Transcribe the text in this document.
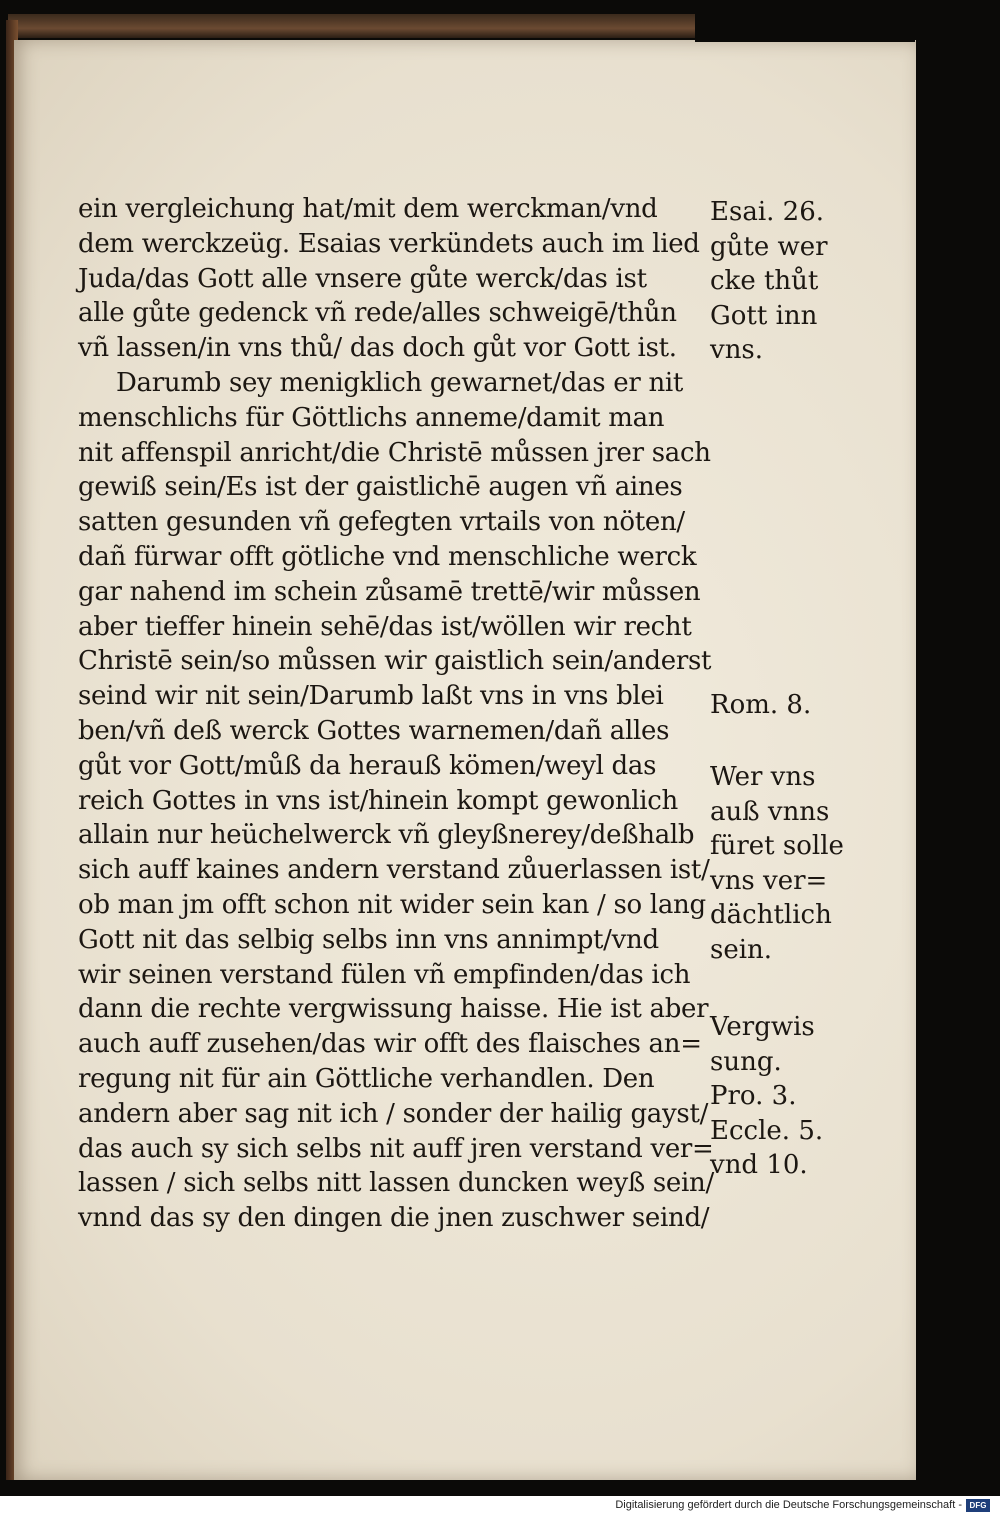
ein vergleichung hat/mit dem werckman/vnd
dem werckzeüg. Esaias verkündets auch im lied
Juda/das Gott alle vnsere gůte werck/das ist
alle gůte gedenck vñ rede/alles schweigē/thůn
vñ lassen/in vns thů/ das doch gůt vor Gott ist.
Darumb sey menigklich gewarnet/das er nit
menschlichs für Göttlichs anneme/damit man
nit affenspil anricht/die Christē můssen jrer sach
gewiß sein/Es ist der gaistlichē augen vñ aines
satten gesunden vñ gefegten vrtails von nöten/
dañ fürwar offt götliche vnd menschliche werck
gar nahend im schein zůsamē trettē/wir můssen
aber tieffer hinein sehē/das ist/wöllen wir recht
Christē sein/so můssen wir gaistlich sein/anderst
seind wir nit sein/Darumb laßt vns in vns blei
ben/vñ deß werck Gottes warnemen/dañ alles
gůt vor Gott/můß da herauß kömen/weyl das
reich Gottes in vns ist/hinein kompt gewonlich
allain nur heüchelwerck vñ gleyßnerey/deßhalb
sich auff kaines andern verstand zůuerlassen ist/
ob man jm offt schon nit wider sein kan / so lang
Gott nit das selbig selbs inn vns annimpt/vnd
wir seinen verstand fülen vñ empfinden/das ich
dann die rechte vergwissung haisse. Hie ist aber
auch auff zusehen/das wir offt des flaisches an=
regung nit für ain Göttliche verhandlen. Den
andern aber sag nit ich / sonder der hailig gayst/
das auch sy sich selbs nit auff jren verstand ver=
lassen / sich selbs nitt lassen duncken weyß sein/
vnnd das sy den dingen die jnen zuschwer seind/
Esai. 26.
gůte wer
cke thůt
Gott inn
vns.
Rom. 8.
Wer vns
auß vnns
füret solle
vns ver=
dächtlich
sein.
Vergwis
sung.
Pro. 3.
Eccle. 5.
vnd 10.
Digitalisierung gefördert durch die Deutsche Forschungsgemeinschaft - DFG
